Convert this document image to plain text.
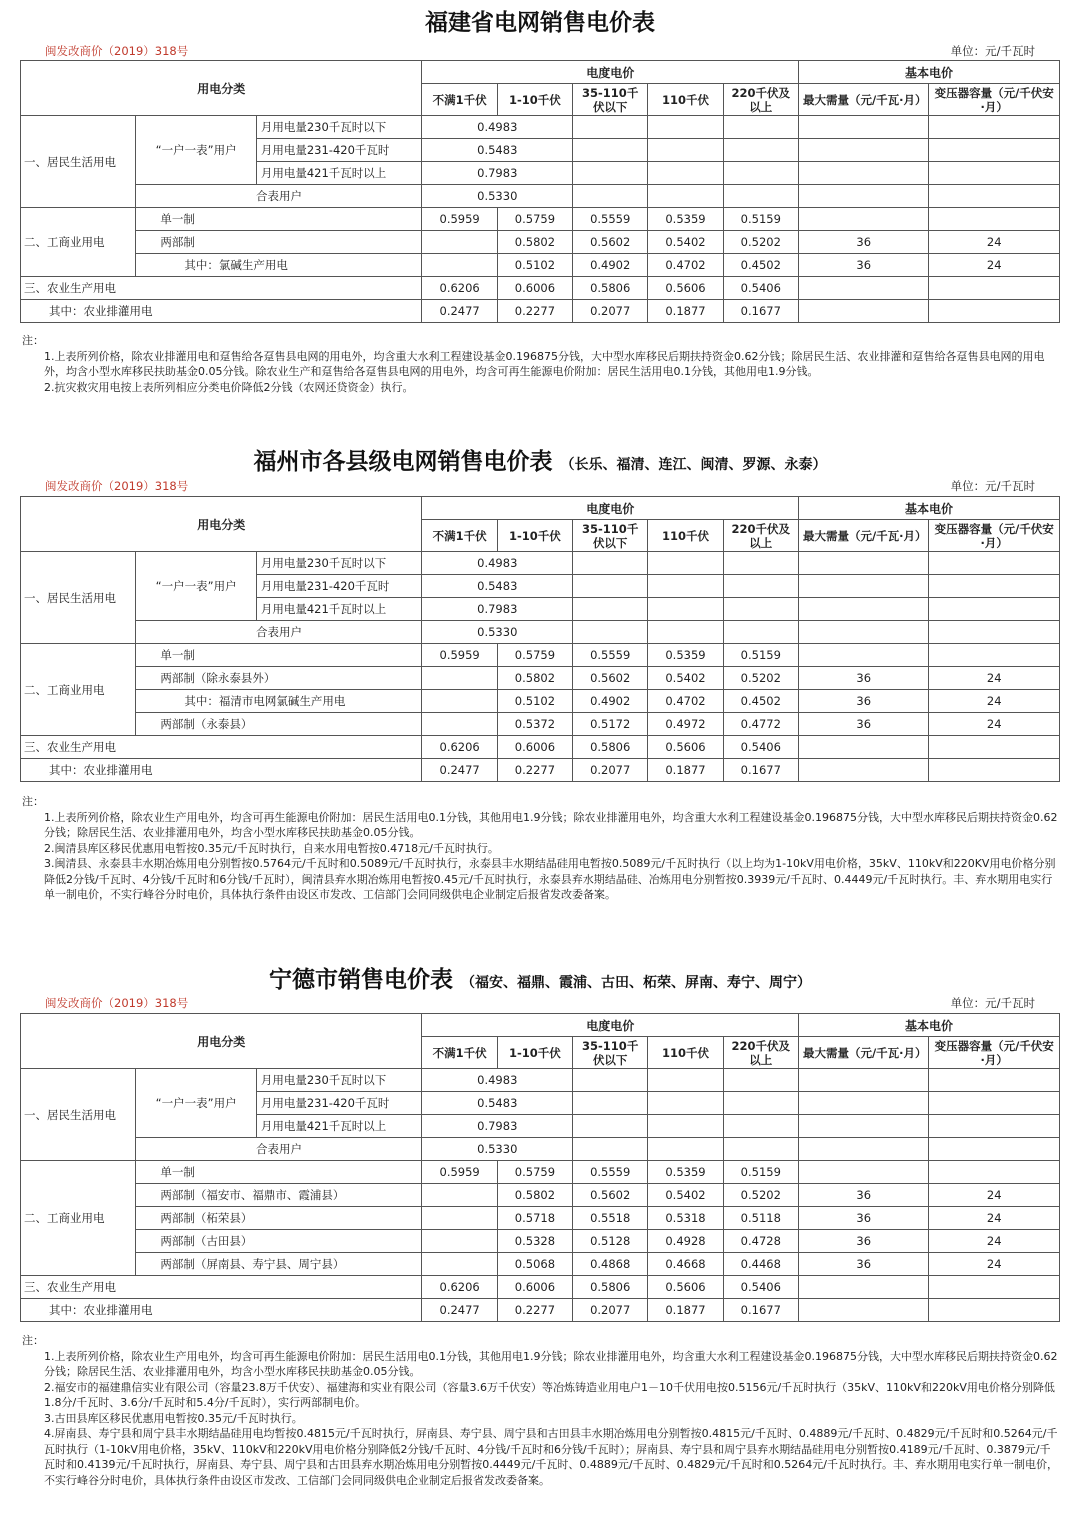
福建省电网销售电价表
闽发改商价（2019）318号	单位：元/千瓦时
用电分类			电度电价					基本电价	
			不满1千伏	1-10千伏	35-110千伏以下	110千伏	220千伏及以上	最大需量（元/千瓦·月）	变压器容量（元/千伏安·月）
一、居民生活用电	“一户一表”用户	月用电量230千瓦时以下	0.4983						
		月用电量231-420千瓦时	0.5483						
		月用电量421千瓦时以上	0.7983						
	合表用户		0.5330						
二、工商业用电	单一制		0.5959	0.5759	0.5559	0.5359	0.5159		
	两部制			0.5802	0.5602	0.5402	0.5202	36	24
	其中：氯碱生产用电			0.5102	0.4902	0.4702	0.4502	36	24
三、农业生产用电			0.6206	0.6006	0.5806	0.5606	0.5406		
其中：农业排灌用电			0.2477	0.2277	0.2077	0.1877	0.1677		

注：

1.上表所列价格，除农业排灌用电和趸售给各趸售县电网的用电外，均含重大水利工程建设基金0.196875分钱，大中型水库移民后期扶持资金0.62分钱；除居民生活、农业排灌和趸售给各趸售县电网的用电外，均含小型水库移民扶助基金0.05分钱。除农业生产和趸售给各趸售县电网的用电外，均含可再生能源电价附加：居民生活用电0.1分钱，其他用电1.9分钱。

2.抗灾救灾用电按上表所列相应分类电价降低2分钱（农网还贷资金）执行。

福州市各县级电网销售电价表 （长乐、福清、连江、闽清、罗源、永泰）
闽发改商价（2019）318号	单位：元/千瓦时
用电分类			电度电价					基本电价	
			不满1千伏	1-10千伏	35-110千伏以下	110千伏	220千伏及以上	最大需量（元/千瓦·月）	变压器容量（元/千伏安·月）
一、居民生活用电	“一户一表”用户	月用电量230千瓦时以下	0.4983						
		月用电量231-420千瓦时	0.5483						
		月用电量421千瓦时以上	0.7983						
	合表用户		0.5330						
二、工商业用电	单一制		0.5959	0.5759	0.5559	0.5359	0.5159		
	两部制（除永泰县外）			0.5802	0.5602	0.5402	0.5202	36	24
	其中：福清市电网氯碱生产用电			0.5102	0.4902	0.4702	0.4502	36	24
	两部制（永泰县）			0.5372	0.5172	0.4972	0.4772	36	24
三、农业生产用电			0.6206	0.6006	0.5806	0.5606	0.5406		
其中：农业排灌用电			0.2477	0.2277	0.2077	0.1877	0.1677		

注：

1.上表所列价格，除农业生产用电外，均含可再生能源电价附加：居民生活用电0.1分钱，其他用电1.9分钱；除农业排灌用电外，均含重大水利工程建设基金0.196875分钱，大中型水库移民后期扶持资金0.62分钱；除居民生活、农业排灌用电外，均含小型水库移民扶助基金0.05分钱。

2.闽清县库区移民优惠用电暂按0.35元/千瓦时执行，自来水用电暂按0.4718元/千瓦时执行。

3.闽清县、永泰县丰水期冶炼用电分别暂按0.5764元/千瓦时和0.5089元/千瓦时执行，永泰县丰水期结晶硅用电暂按0.5089元/千瓦时执行（以上均为1-10kV用电价格，35kV、110kV和220KV用电价格分别降低2分钱/千瓦时、4分钱/千瓦时和6分钱/千瓦时），闽清县弃水期冶炼用电暂按0.45元/千瓦时执行，永泰县弃水期结晶硅、冶炼用电分别暂按0.3939元/千瓦时、0.4449元/千瓦时执行。丰、弃水期用电实行单一制电价，不实行峰谷分时电价，具体执行条件由设区市发改、工信部门会同同级供电企业制定后报省发改委备案。

宁德市销售电价表 （福安、福鼎、霞浦、古田、柘荣、屏南、寿宁、周宁）
闽发改商价（2019）318号	单位：元/千瓦时
用电分类			电度电价					基本电价	
			不满1千伏	1-10千伏	35-110千伏以下	110千伏	220千伏及以上	最大需量（元/千瓦·月）	变压器容量（元/千伏安·月）
一、居民生活用电	“一户一表”用户	月用电量230千瓦时以下	0.4983						
		月用电量231-420千瓦时	0.5483						
		月用电量421千瓦时以上	0.7983						
	合表用户		0.5330						
二、工商业用电	单一制		0.5959	0.5759	0.5559	0.5359	0.5159		
	两部制（福安市、福鼎市、霞浦县）			0.5802	0.5602	0.5402	0.5202	36	24
	两部制（柘荣县）			0.5718	0.5518	0.5318	0.5118	36	24
	两部制（古田县）			0.5328	0.5128	0.4928	0.4728	36	24
	两部制（屏南县、寿宁县、周宁县）			0.5068	0.4868	0.4668	0.4468	36	24
三、农业生产用电			0.6206	0.6006	0.5806	0.5606	0.5406		
其中：农业排灌用电			0.2477	0.2277	0.2077	0.1877	0.1677		

注：

1.上表所列价格，除农业生产用电外，均含可再生能源电价附加：居民生活用电0.1分钱，其他用电1.9分钱；除农业排灌用电外，均含重大水利工程建设基金0.196875分钱，大中型水库移民后期扶持资金0.62分钱；除居民生活、农业排灌用电外，均含小型水库移民扶助基金0.05分钱。

2.福安市的福建鼎信实业有限公司（容量23.8万千伏安）、福建海和实业有限公司（容量3.6万千伏安）等冶炼铸造业用电户1－10千伏用电按0.5156元/千瓦时执行（35kV、110kV和220kV用电价格分别降低1.8分/千瓦时、3.6分/千瓦时和5.4分/千瓦时），实行两部制电价。

3.古田县库区移民优惠用电暂按0.35元/千瓦时执行。

4.屏南县、寿宁县和周宁县丰水期结晶硅用电均暂按0.4815元/千瓦时执行，屏南县、寿宁县、周宁县和古田县丰水期冶炼用电分别暂按0.4815元/千瓦时、0.4889元/千瓦时、0.4829元/千瓦时和0.5264元/千瓦时执行（1-10kV用电价格，35kV、110kV和220kV用电价格分别降低2分钱/千瓦时、4分钱/千瓦时和6分钱/千瓦时）；屏南县、寿宁县和周宁县弃水期结晶硅用电分别暂按0.4189元/千瓦时、0.3879元/千瓦时和0.4139元/千瓦时执行，屏南县、寿宁县、周宁县和古田县弃水期冶炼用电分别暂按0.4449元/千瓦时、0.4889元/千瓦时、0.4829元/千瓦时和0.5264元/千瓦时执行。丰、弃水期用电实行单一制电价，不实行峰谷分时电价，具体执行条件由设区市发改、工信部门会同同级供电企业制定后报省发改委备案。
